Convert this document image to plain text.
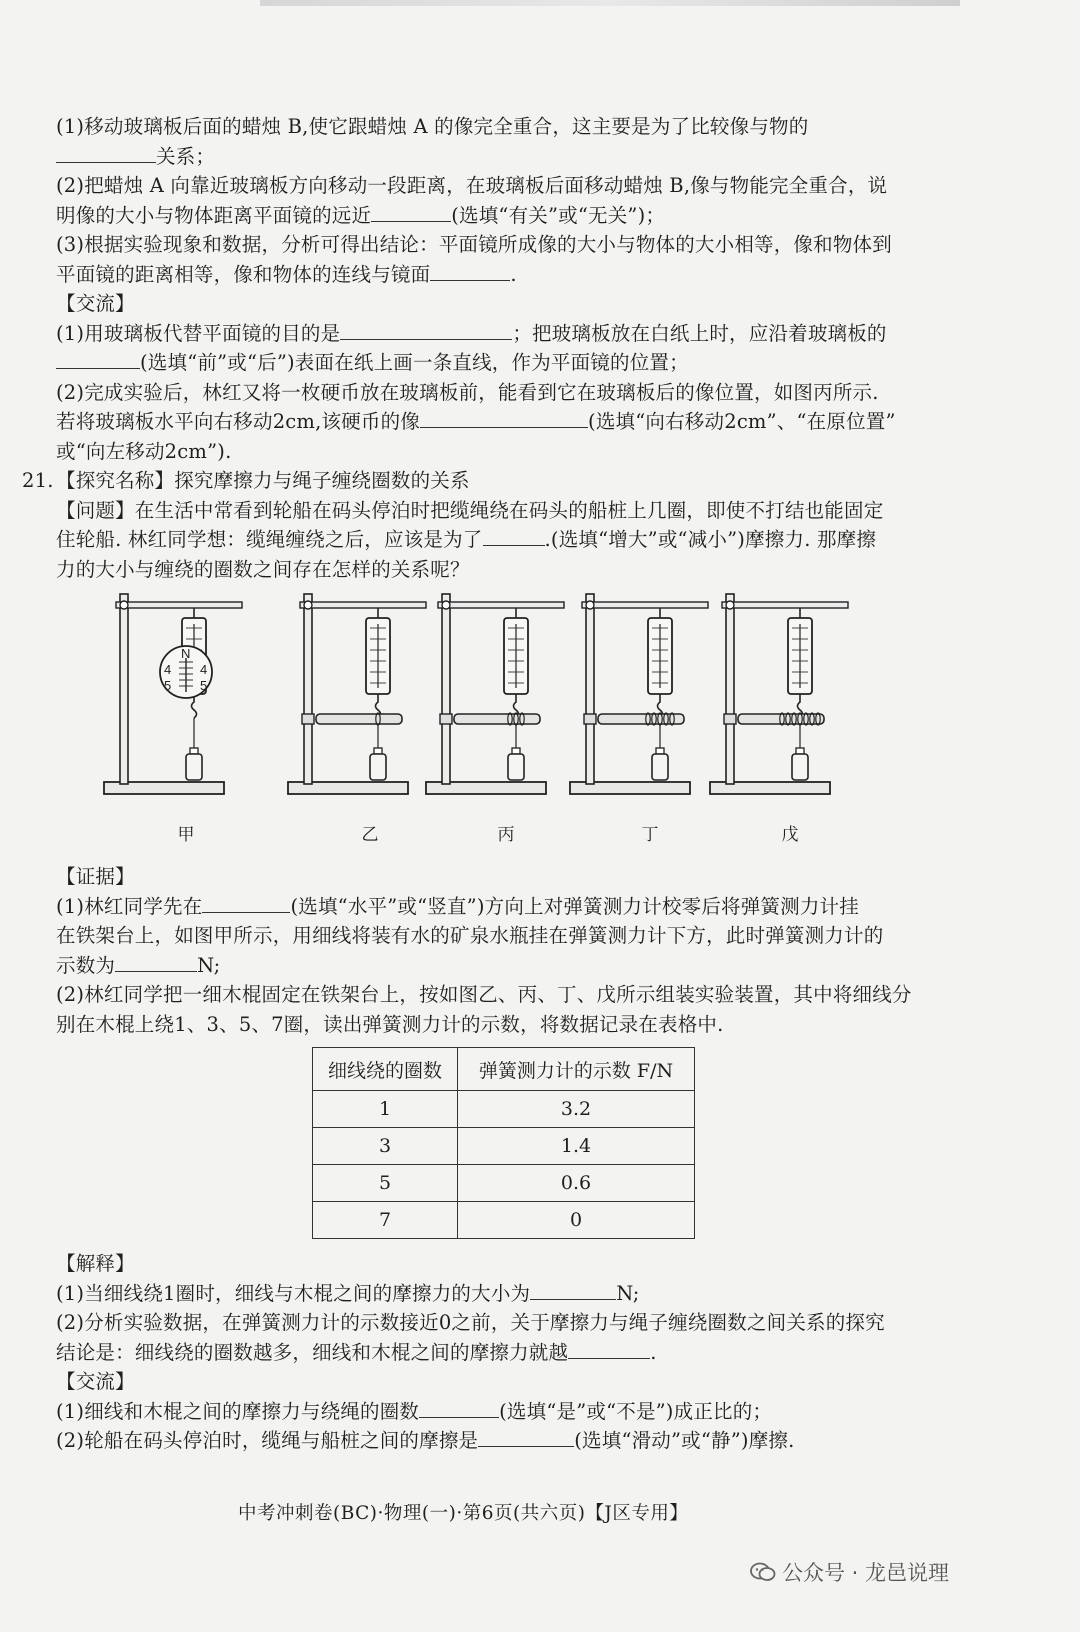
(1)移动玻璃板后面的蜡烛 B,使它跟蜡烛 A 的像完全重合，这主要是为了比较像与物的
关系；
(2)把蜡烛 A 向靠近玻璃板方向移动一段距离，在玻璃板后面移动蜡烛 B,像与物能完全重合，说
明像的大小与物体距离平面镜的远近	(选填“有关”或“无关”)；
(3)根据实验现象和数据，分析可得出结论：平面镜所成像的大小与物体的大小相等，像和物体到
平面镜的距离相等，像和物体的连线与镜面	.
【交流】
(1)用玻璃板代替平面镜的目的是	；把玻璃板放在白纸上时，应沿着玻璃板的
(选填“前”或“后”)表面在纸上画一条直线，作为平面镜的位置；
(2)完成实验后，林红又将一枚硬币放在玻璃板前，能看到它在玻璃板后的像位置，如图丙所示.
若将玻璃板水平向右移动2cm,该硬币的像	(选填“向右移动2cm”、“在原位置”
或“向左移动2cm”).
21. 【探究名称】探究摩擦力与绳子缠绕圈数的关系
【问题】在生活中常看到轮船在码头停泊时把缆绳绕在码头的船桩上几圈，即使不打结也能固定
住轮船. 林红同学想：缆绳缠绕之后，应该是为了	.(选填“增大”或“减小”)摩擦力. 那摩擦
力的大小与缠绕的圈数之间存在怎样的关系呢？
N
4 4
5 5
甲	乙	丙	丁	戊
【证据】
(1)林红同学先在	(选填“水平”或“竖直”)方向上对弹簧测力计校零后将弹簧测力计挂
在铁架台上，如图甲所示，用细线将装有水的矿泉水瓶挂在弹簧测力计下方，此时弹簧测力计的
示数为	N;
(2)林红同学把一细木棍固定在铁架台上，按如图乙、丙、丁、戊所示组装实验装置，其中将细线分
别在木棍上绕1、3、5、7圈，读出弹簧测力计的示数，将数据记录在表格中.
细线绕的圈数	弹簧测力计的示数 F/N
1	3.2
3	1.4
5	0.6
7	0
【解释】
(1)当细线绕1圈时，细线与木棍之间的摩擦力的大小为	N;
(2)分析实验数据，在弹簧测力计的示数接近0之前，关于摩擦力与绳子缠绕圈数之间关系的探究
结论是：细线绕的圈数越多，细线和木棍之间的摩擦力就越	.
【交流】
(1)细线和木棍之间的摩擦力与绕绳的圈数	(选填“是”或“不是”)成正比的；
(2)轮船在码头停泊时，缆绳与船桩之间的摩擦是	(选填“滑动”或“静”)摩擦.
中考冲刺卷(BC)·物理(一)·第6页(共六页)【J区专用】
公众号 · 龙邑说理
